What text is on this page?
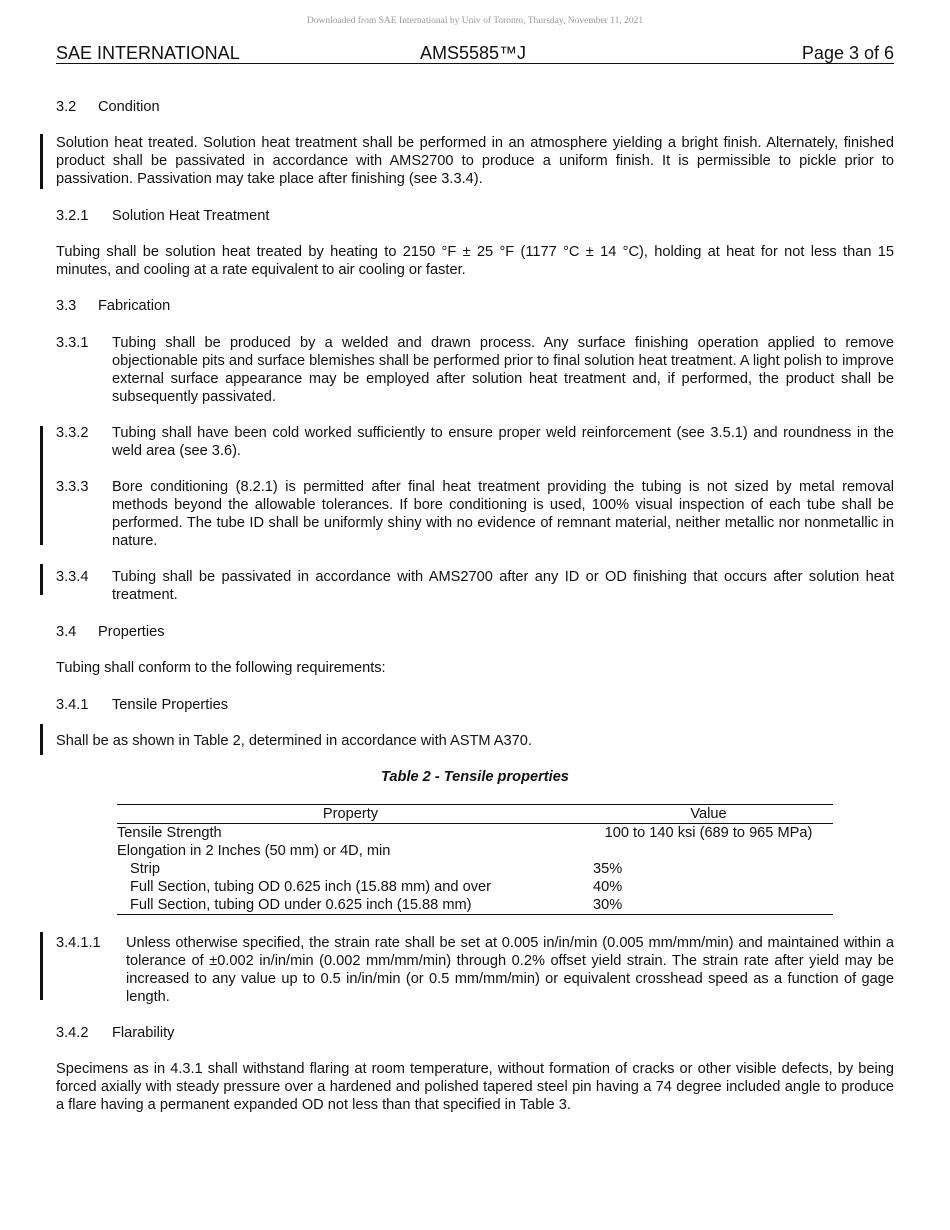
Downloaded from SAE International by Univ of Toronto, Thursday, November 11, 2021
SAE INTERNATIONAL	AMS5585™J	Page 3 of 6
3.2 Condition
Solution heat treated. Solution heat treatment shall be performed in an atmosphere yielding a bright finish. Alternately, finished product shall be passivated in accordance with AMS2700 to produce a uniform finish. It is permissible to pickle prior to passivation. Passivation may take place after finishing (see 3.3.4).
3.2.1 Solution Heat Treatment
Tubing shall be solution heat treated by heating to 2150 °F ± 25 °F (1177 °C ± 14 °C), holding at heat for not less than 15 minutes, and cooling at a rate equivalent to air cooling or faster.
3.3 Fabrication
3.3.1 Tubing shall be produced by a welded and drawn process. Any surface finishing operation applied to remove objectionable pits and surface blemishes shall be performed prior to final solution heat treatment. A light polish to improve external surface appearance may be employed after solution heat treatment and, if performed, the product shall be subsequently passivated.
3.3.2 Tubing shall have been cold worked sufficiently to ensure proper weld reinforcement (see 3.5.1) and roundness in the weld area (see 3.6).
3.3.3 Bore conditioning (8.2.1) is permitted after final heat treatment providing the tubing is not sized by metal removal methods beyond the allowable tolerances. If bore conditioning is used, 100% visual inspection of each tube shall be performed. The tube ID shall be uniformly shiny with no evidence of remnant material, neither metallic nor nonmetallic in nature.
3.3.4 Tubing shall be passivated in accordance with AMS2700 after any ID or OD finishing that occurs after solution heat treatment.
3.4 Properties
Tubing shall conform to the following requirements:
3.4.1 Tensile Properties
Shall be as shown in Table 2, determined in accordance with ASTM A370.
Table 2 - Tensile properties
Property	Value
Tensile Strength	100 to 140 ksi (689 to 965 MPa)
Elongation in 2 Inches (50 mm) or 4D, min	
Strip	35%
Full Section, tubing OD 0.625 inch (15.88 mm) and over	40%
Full Section, tubing OD under 0.625 inch (15.88 mm)	30%
3.4.1.1 Unless otherwise specified, the strain rate shall be set at 0.005 in/in/min (0.005 mm/mm/min) and maintained within a tolerance of ±0.002 in/in/min (0.002 mm/mm/min) through 0.2% offset yield strain. The strain rate after yield may be increased to any value up to 0.5 in/in/min (or 0.5 mm/mm/min) or equivalent crosshead speed as a function of gage length.
3.4.2 Flarability
Specimens as in 4.3.1 shall withstand flaring at room temperature, without formation of cracks or other visible defects, by being forced axially with steady pressure over a hardened and polished tapered steel pin having a 74 degree included angle to produce a flare having a permanent expanded OD not less than that specified in Table 3.
